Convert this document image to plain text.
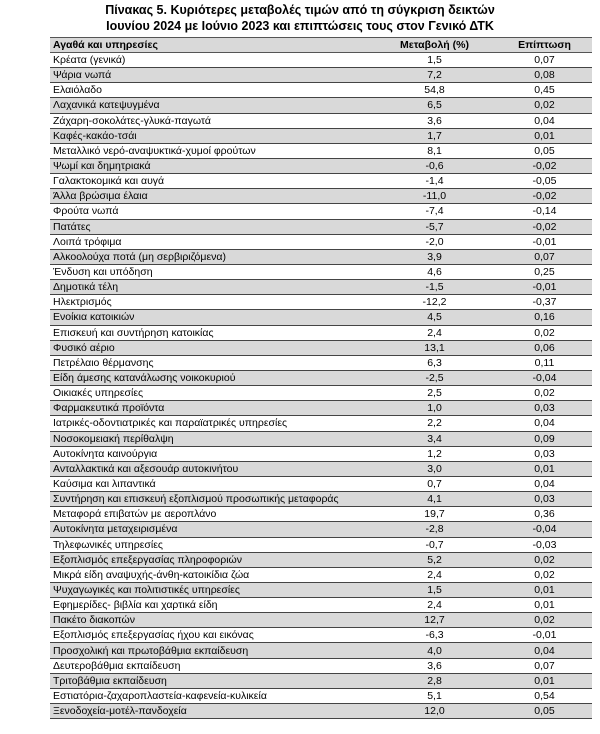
Πίνακας 5. Κυριότερες μεταβολές τιμών από τη σύγκριση δεικτών
Ιουνίου 2024 με Ιούνιο 2023 και επιπτώσεις τους στον Γενικό ΔΤΚ
Αγαθά και υπηρεσίες	Μεταβολή (%)	Επίπτωση
Κρέατα (γενικά)	1,5	0,07
Ψάρια νωπά	7,2	0,08
Ελαιόλαδο	54,8	0,45
Λαχανικά κατεψυγμένα	6,5	0,02
Ζάχαρη-σοκολάτες-γλυκά-παγωτά	3,6	0,04
Καφές-κακάο-τσάι	1,7	0,01
Μεταλλικό νερό-αναψυκτικά-χυμοί φρούτων	8,1	0,05
Ψωμί και δημητριακά	-0,6	-0,02
Γαλακτοκομικά και αυγά	-1,4	-0,05
Άλλα βρώσιμα έλαια	-11,0	-0,02
Φρούτα νωπά	-7,4	-0,14
Πατάτες	-5,7	-0,02
Λοιπά τρόφιμα	-2,0	-0,01
Αλκοολούχα ποτά (μη σερβιριζόμενα)	3,9	0,07
Ένδυση και υπόδηση	4,6	0,25
Δημοτικά τέλη	-1,5	-0,01
Ηλεκτρισμός	-12,2	-0,37
Ενοίκια κατοικιών	4,5	0,16
Επισκευή και συντήρηση κατοικίας	2,4	0,02
Φυσικό αέριο	13,1	0,06
Πετρέλαιο θέρμανσης	6,3	0,11
Είδη άμεσης κατανάλωσης νοικοκυριού	-2,5	-0,04
Οικιακές υπηρεσίες	2,5	0,02
Φαρμακευτικά προϊόντα	1,0	0,03
Ιατρικές-οδοντιατρικές και παραϊατρικές υπηρεσίες	2,2	0,04
Νοσοκομειακή περίθαλψη	3,4	0,09
Αυτοκίνητα καινούργια	1,2	0,03
Ανταλλακτικά και αξεσουάρ αυτοκινήτου	3,0	0,01
Καύσιμα και λιπαντικά	0,7	0,04
Συντήρηση και επισκευή εξοπλισμού προσωπικής μεταφοράς	4,1	0,03
Μεταφορά επιβατών με αεροπλάνο	19,7	0,36
Αυτοκίνητα μεταχειρισμένα	-2,8	-0,04
Τηλεφωνικές υπηρεσίες	-0,7	-0,03
Εξοπλισμός επεξεργασίας πληροφοριών	5,2	0,02
Μικρά είδη αναψυχής-άνθη-κατοικίδια ζώα	2,4	0,02
Ψυχαγωγικές και πολιτιστικές υπηρεσίες	1,5	0,01
Εφημερίδες- βιβλία και χαρτικά είδη	2,4	0,01
Πακέτο διακοπών	12,7	0,02
Εξοπλισμός επεξεργασίας ήχου και εικόνας	-6,3	-0,01
Προσχολική και πρωτοβάθμια εκπαίδευση	4,0	0,04
Δευτεροβάθμια εκπαίδευση	3,6	0,07
Τριτοβάθμια εκπαίδευση	2,8	0,01
Εστιατόρια-ζαχαροπλαστεία-καφενεία-κυλικεία	5,1	0,54
Ξενοδοχεία-μοτέλ-πανδοχεία	12,0	0,05
